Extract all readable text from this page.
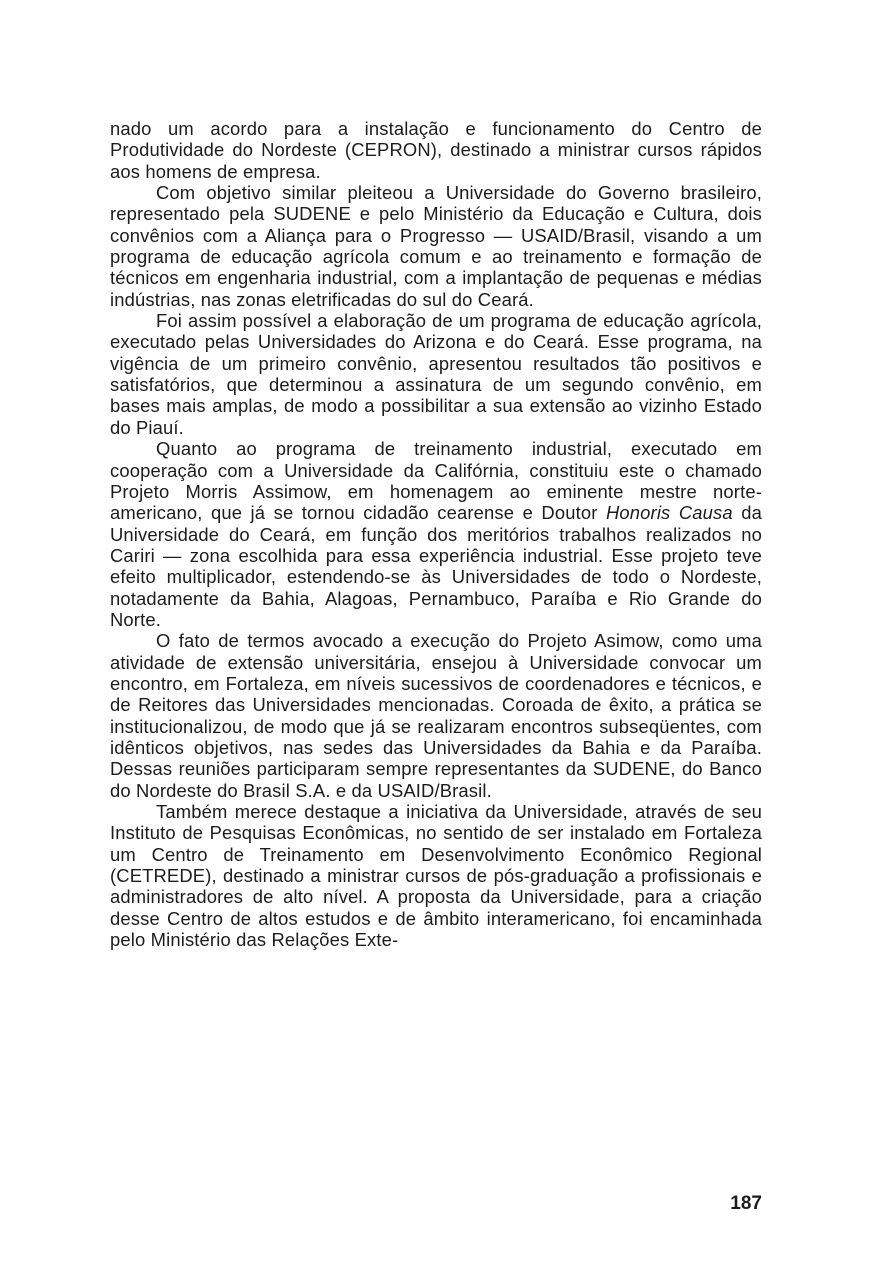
nado um acordo para a instalação e funcionamento do Centro de Produtividade do Nordeste (CEPRON), destinado a ministrar cursos rápidos aos homens de empresa.

Com objetivo similar pleiteou a Universidade do Governo brasileiro, representado pela SUDENE e pelo Ministério da Educação e Cultura, dois convênios com a Aliança para o Progresso — USAID/Brasil, visando a um programa de educação agrícola comum e ao treinamento e formação de técnicos em engenharia industrial, com a implantação de pequenas e médias indústrias, nas zonas eletrificadas do sul do Ceará.

Foi assim possível a elaboração de um programa de educação agrícola, executado pelas Universidades do Arizona e do Ceará. Esse programa, na vigência de um primeiro convênio, apresentou resultados tão positivos e satisfatórios, que determinou a assinatura de um segundo convênio, em bases mais amplas, de modo a possibilitar a sua extensão ao vizinho Estado do Piauí.

Quanto ao programa de treinamento industrial, executado em cooperação com a Universidade da Califórnia, constituiu este o chamado Projeto Morris Assimow, em homenagem ao eminente mestre norte-americano, que já se tornou cidadão cearense e Doutor Honoris Causa da Universidade do Ceará, em função dos meritórios trabalhos realizados no Cariri — zona escolhida para essa experiência industrial. Esse projeto teve efeito multiplicador, estendendo-se às Universidades de todo o Nordeste, notadamente da Bahia, Alagoas, Pernambuco, Paraíba e Rio Grande do Norte.

O fato de termos avocado a execução do Projeto Asimow, como uma atividade de extensão universitária, ensejou à Universidade convocar um encontro, em Fortaleza, em níveis sucessivos de coordenadores e técnicos, e de Reitores das Universidades mencionadas. Coroada de êxito, a prática se institucionalizou, de modo que já se realizaram encontros subseqüentes, com idênticos objetivos, nas sedes das Universidades da Bahia e da Paraíba. Dessas reuniões participaram sempre representantes da SUDENE, do Banco do Nordeste do Brasil S.A. e da USAID/Brasil.

Também merece destaque a iniciativa da Universidade, através de seu Instituto de Pesquisas Econômicas, no sentido de ser instalado em Fortaleza um Centro de Treinamento em Desenvolvimento Econômico Regional (CETREDE), destinado a ministrar cursos de pós-graduação a profissionais e administradores de alto nível. A proposta da Universidade, para a criação desse Centro de altos estudos e de âmbito interamericano, foi encaminhada pelo Ministério das Relações Exte-

187
